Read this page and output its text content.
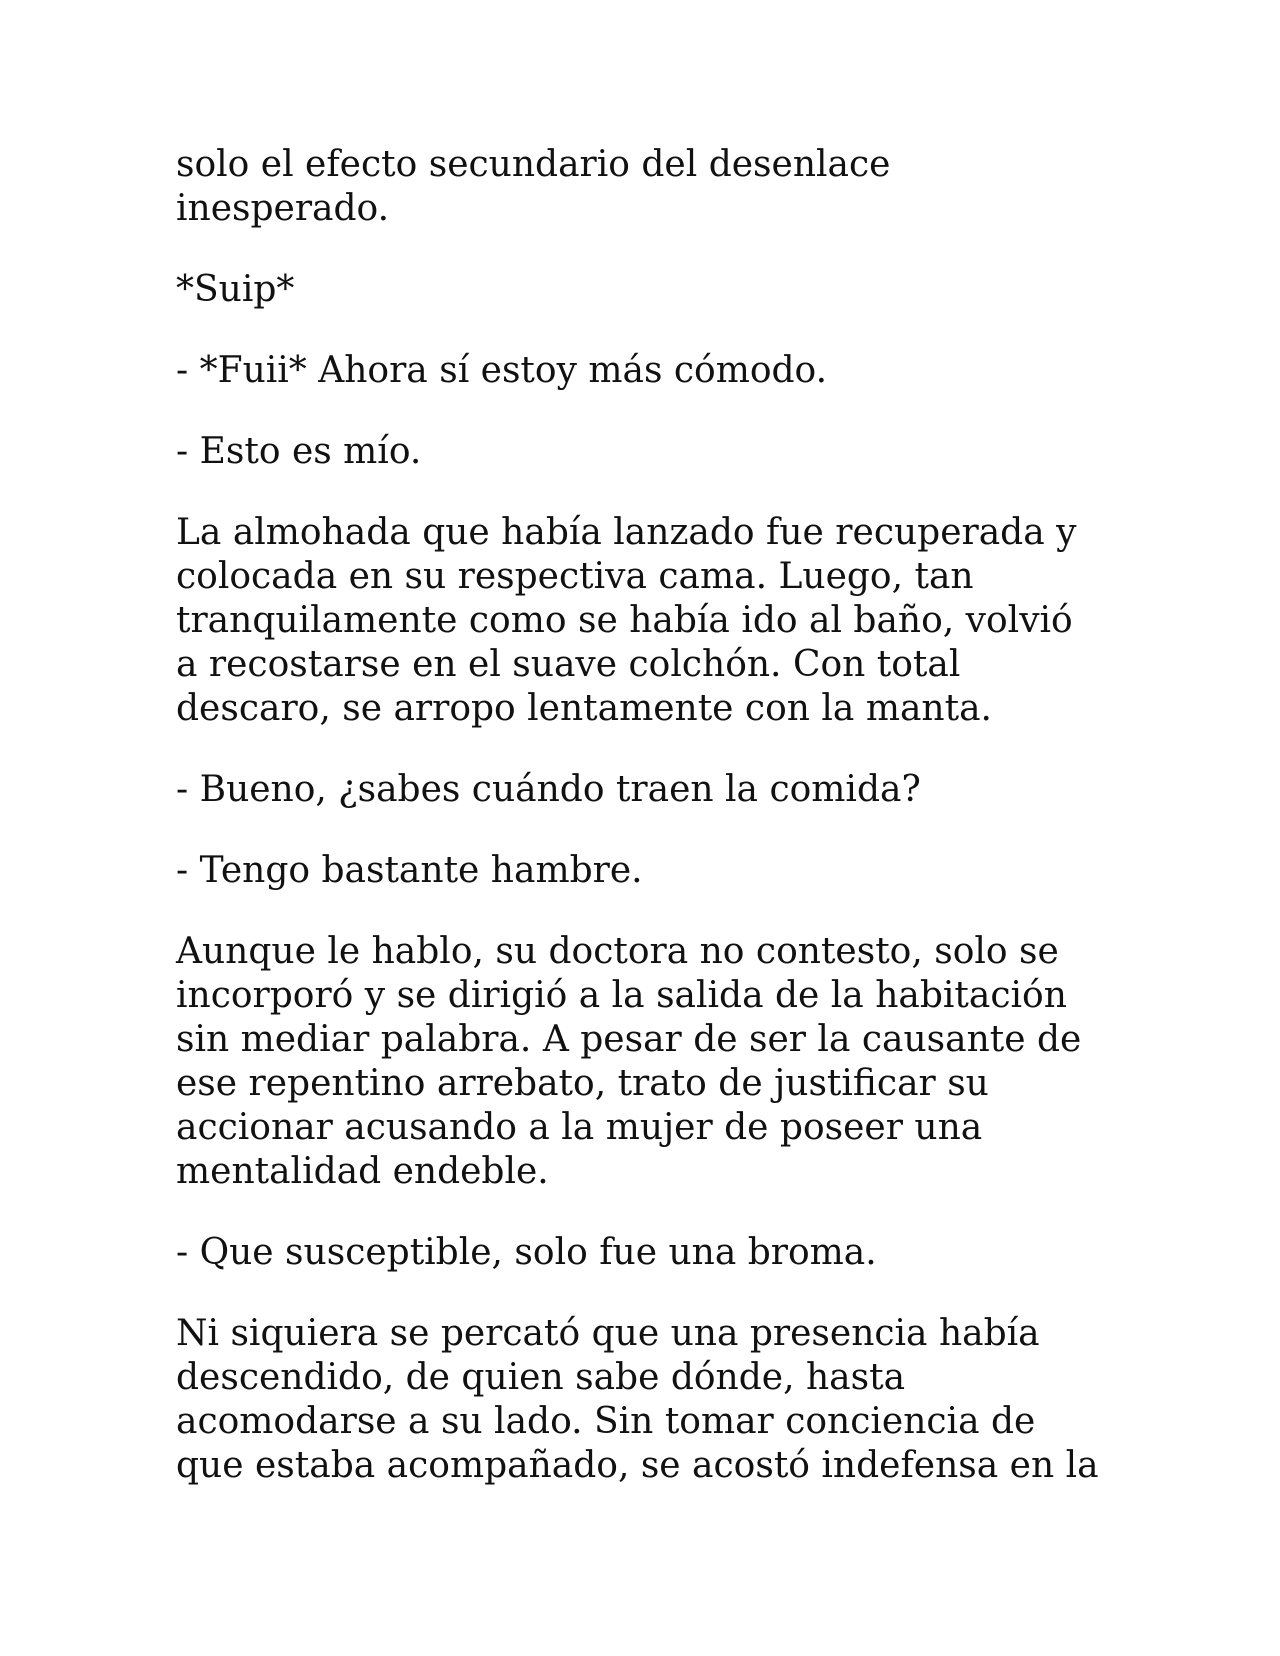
solo el efecto secundario del desenlace
inesperado.

*Suip*

- *Fuii* Ahora sí estoy más cómodo.

- Esto es mío.

La almohada que había lanzado fue recuperada y
colocada en su respectiva cama. Luego, tan
tranquilamente como se había ido al baño, volvió
a recostarse en el suave colchón. Con total
descaro, se arropo lentamente con la manta.

- Bueno, ¿sabes cuándo traen la comida?

- Tengo bastante hambre.

Aunque le hablo, su doctora no contesto, solo se
incorporó y se dirigió a la salida de la habitación
sin mediar palabra. A pesar de ser la causante de
ese repentino arrebato, trato de justificar su
accionar acusando a la mujer de poseer una
mentalidad endeble.

- Que susceptible, solo fue una broma.

Ni siquiera se percató que una presencia había
descendido, de quien sabe dónde, hasta
acomodarse a su lado. Sin tomar conciencia de
que estaba acompañado, se acostó indefensa en la
